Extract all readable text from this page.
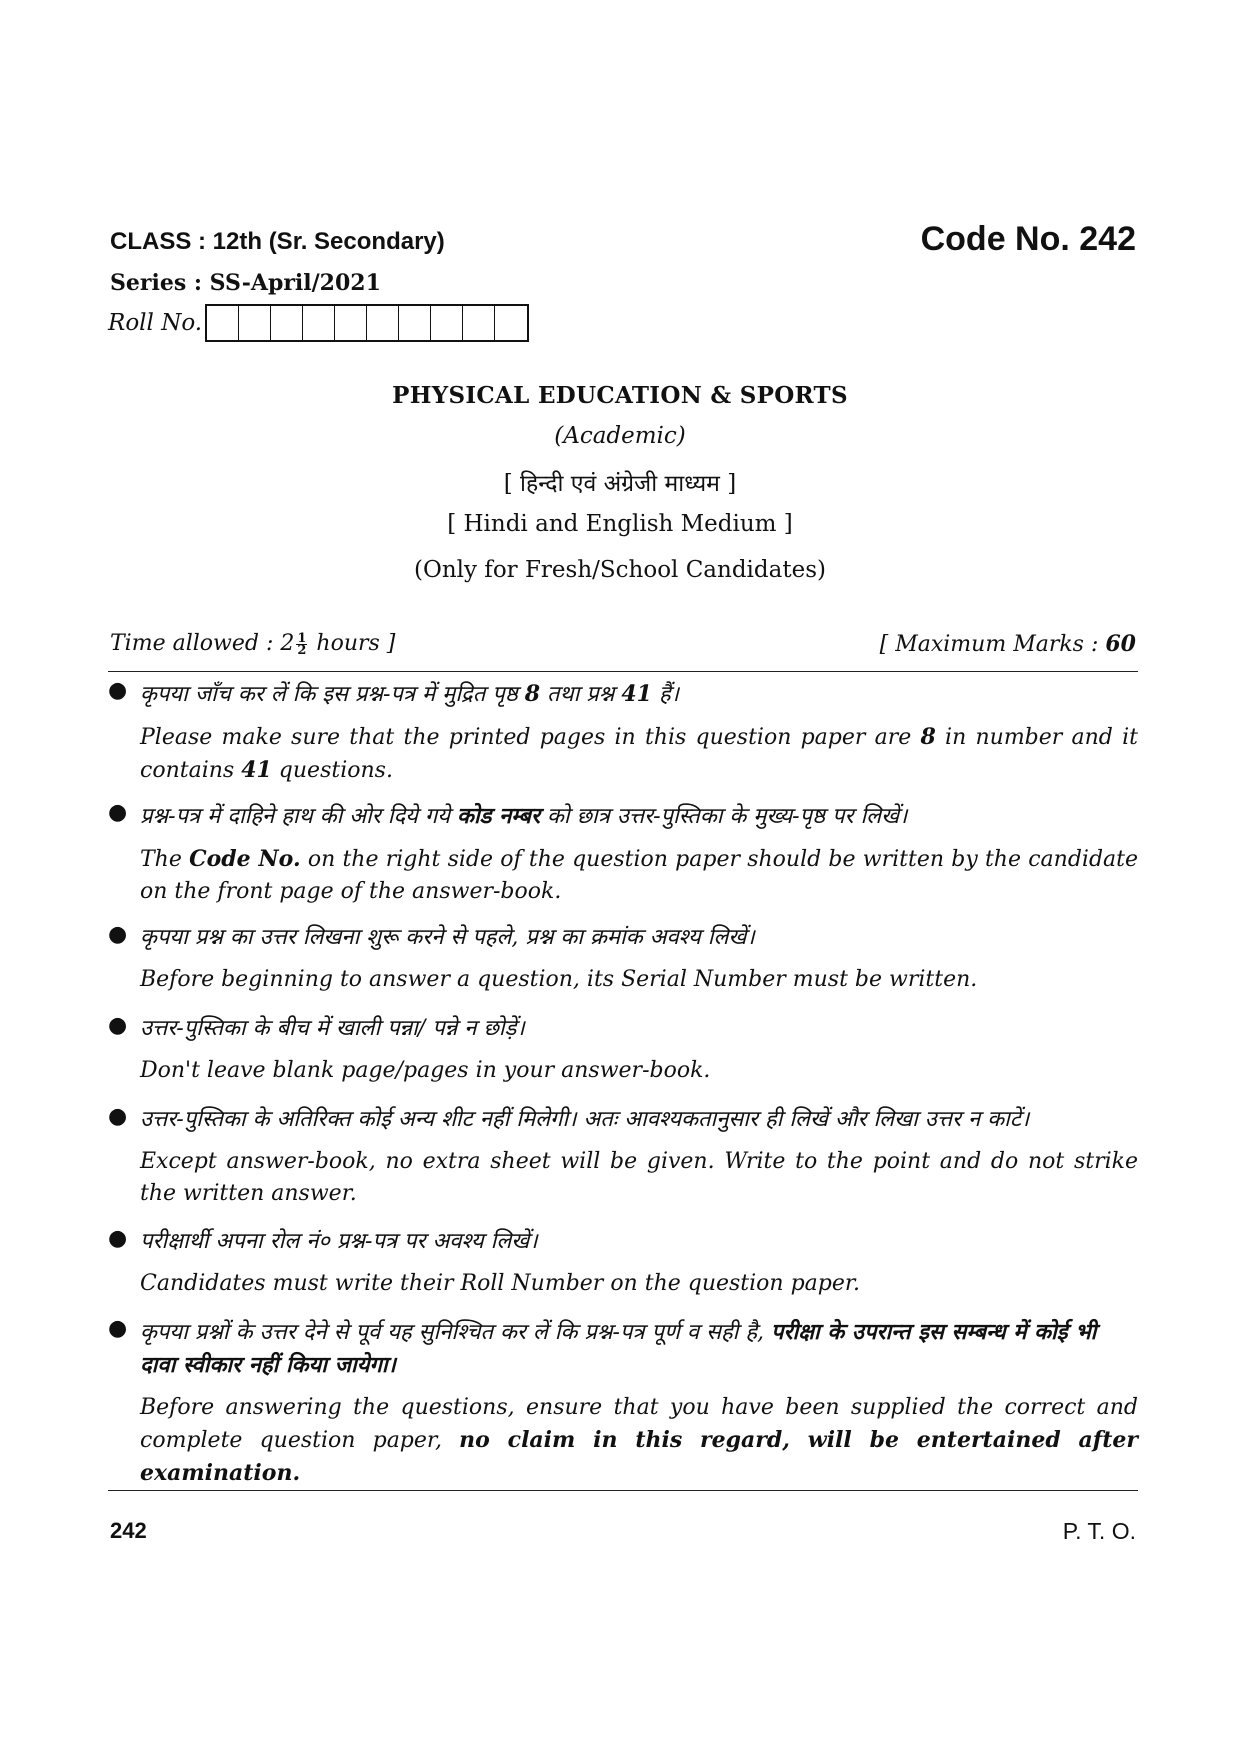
CLASS : 12th (Sr. Secondary)	Code No. 242
Series : SS-April/2021
Roll No.
PHYSICAL EDUCATION & SPORTS
(Academic)
[ हिन्दी एवं अंग्रेजी माध्यम ]
[ Hindi and English Medium ]
(Only for Fresh/School Candidates)
Time allowed : $2 \frac{1}{2}$ hours ]	[ Maximum Marks : 60
● कृपया जाँच कर लें कि इस प्रश्न-पत्र में मुद्रित पृष्ठ 8 तथा प्रश्न 41 हैं।
Please make sure that the printed pages in this question paper are 8 in number and it contains 41 questions.
● प्रश्न-पत्र में दाहिने हाथ की ओर दिये गये कोड नम्बर को छात्र उत्तर-पुस्तिका के मुख्य-पृष्ठ पर लिखें।
The Code No. on the right side of the question paper should be written by the candidate on the front page of the answer-book.
● कृपया प्रश्न का उत्तर लिखना शुरू करने से पहले, प्रश्न का क्रमांक अवश्य लिखें।
Before beginning to answer a question, its Serial Number must be written.
● उत्तर-पुस्तिका के बीच में खाली पन्ना/ पन्ने न छोड़ें।
Don't leave blank page/pages in your answer-book.
● उत्तर-पुस्तिका के अतिरिक्त कोई अन्य शीट नहीं मिलेगी। अतः आवश्यकतानुसार ही लिखें और लिखा उत्तर न काटें।
Except answer-book, no extra sheet will be given. Write to the point and do not strike the written answer.
● परीक्षार्थी अपना रोल नं० प्रश्न-पत्र पर अवश्य लिखें।
Candidates must write their Roll Number on the question paper.
● कृपया प्रश्नों के उत्तर देने से पूर्व यह सुनिश्चित कर लें कि प्रश्न-पत्र पूर्ण व सही है, परीक्षा के उपरान्त इस सम्बन्ध में कोई भी दावा स्वीकार नहीं किया जायेगा।
Before answering the questions, ensure that you have been supplied the correct and complete question paper, no claim in this regard, will be entertained after examination.
242	P. T. O.
